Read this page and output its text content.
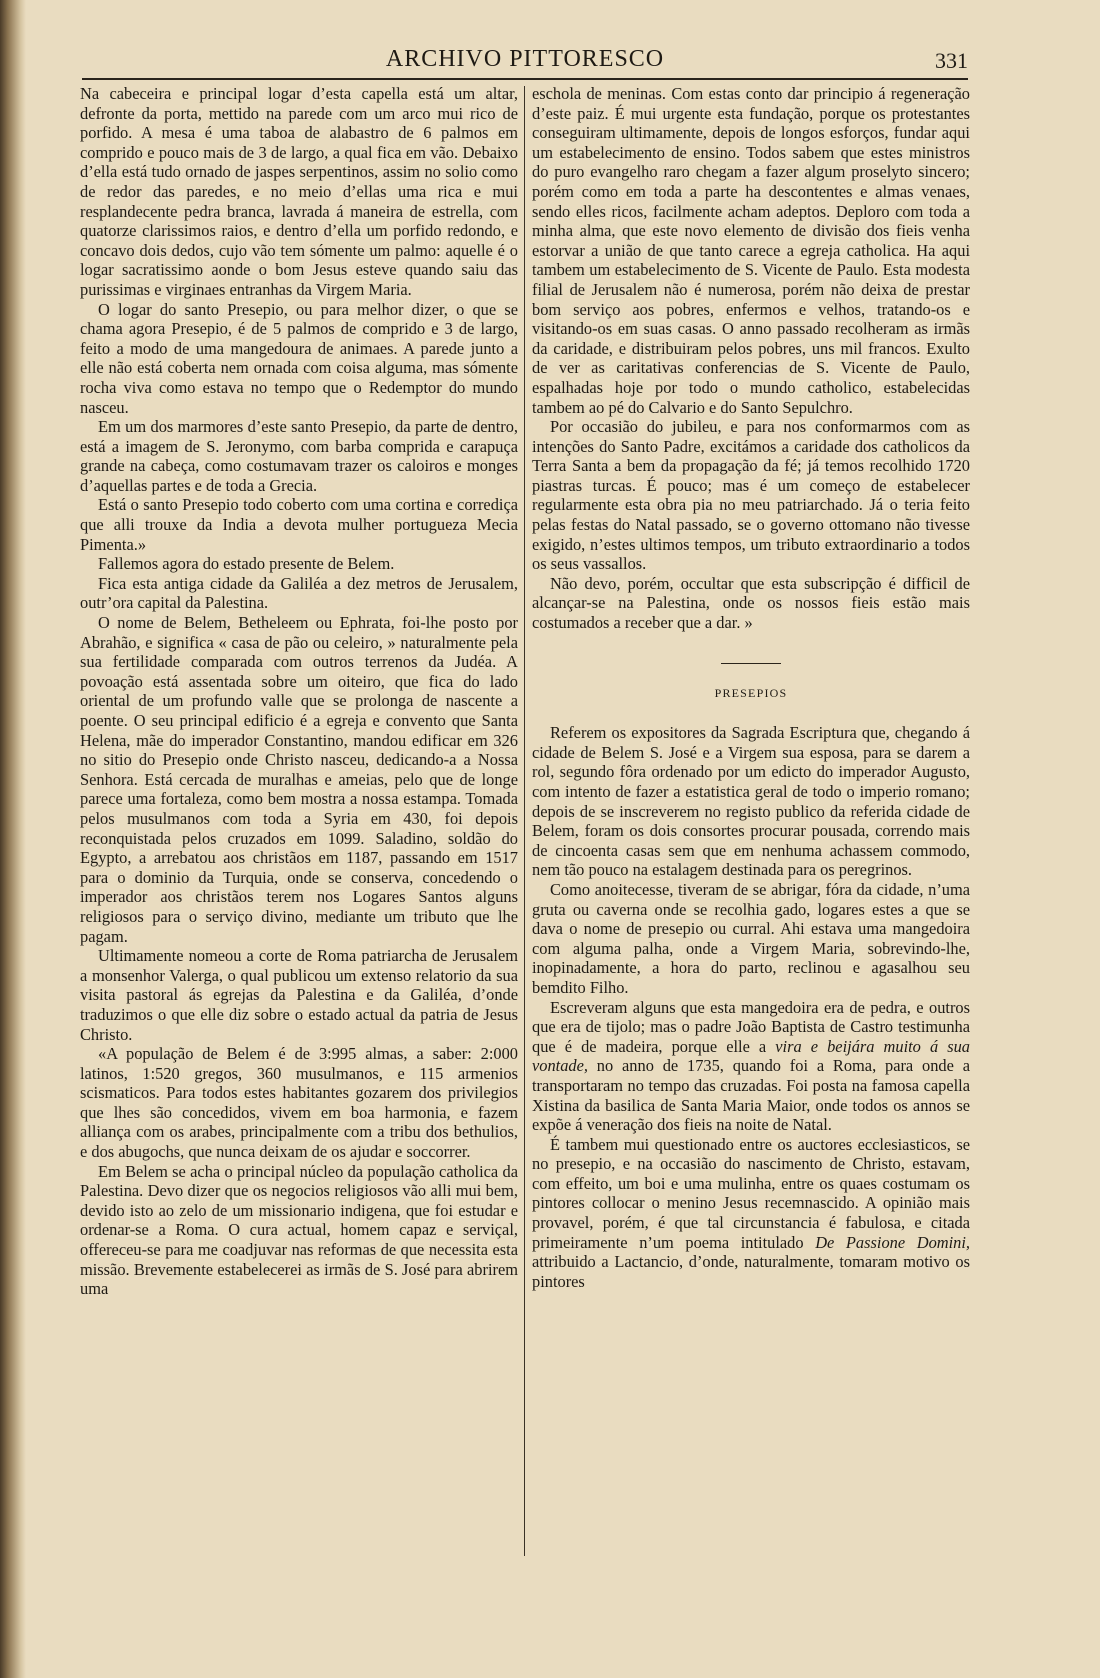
ARCHIVO PITTORESCO	331

Na cabeceira e principal logar d’esta capella está um altar, defronte da porta, mettido na parede com um arco mui rico de porfido. A mesa é uma taboa de alabastro de 6 palmos em comprido e pouco mais de 3 de largo, a qual fica em vão. Debaixo d’ella está tudo ornado de jaspes serpentinos, assim no solio como de redor das paredes, e no meio d’ellas uma rica e mui resplandecente pedra branca, lavrada á maneira de estrella, com quatorze clarissimos raios, e dentro d’ella um porfido redondo, e concavo dois dedos, cujo vão tem sómente um palmo: aquelle é o logar sacratissimo aonde o bom Jesus esteve quando saiu das purissimas e virginaes entranhas da Virgem Maria.

O logar do santo Presepio, ou para melhor dizer, o que se chama agora Presepio, é de 5 palmos de comprido e 3 de largo, feito a modo de uma mangedoura de animaes. A parede junto a elle não está coberta nem ornada com coisa alguma, mas sómente rocha viva como estava no tempo que o Redemptor do mundo nasceu.

Em um dos marmores d’este santo Presepio, da parte de dentro, está a imagem de S. Jeronymo, com barba comprida e carapuça grande na cabeça, como costumavam trazer os caloiros e monges d’aquellas partes e de toda a Grecia.

Está o santo Presepio todo coberto com uma cortina e corrediça que alli trouxe da India a devota mulher portugueza Mecia Pimenta.»

Fallemos agora do estado presente de Belem.

Fica esta antiga cidade da Galiléa a dez metros de Jerusalem, outr’ora capital da Palestina.

O nome de Belem, Betheleem ou Ephrata, foi-lhe posto por Abrahão, e significa « casa de pão ou celeiro, » naturalmente pela sua fertilidade comparada com outros terrenos da Judéa. A povoação está assentada sobre um oiteiro, que fica do lado oriental de um profundo valle que se prolonga de nascente a poente. O seu principal edificio é a egreja e convento que Santa Helena, mãe do imperador Constantino, mandou edificar em 326 no sitio do Presepio onde Christo nasceu, dedicando-a a Nossa Senhora. Está cercada de muralhas e ameias, pelo que de longe parece uma fortaleza, como bem mostra a nossa estampa. Tomada pelos musulmanos com toda a Syria em 430, foi depois reconquistada pelos cruzados em 1099. Saladino, soldão do Egypto, a arrebatou aos christãos em 1187, passando em 1517 para o dominio da Turquia, onde se conserva, concedendo o imperador aos christãos terem nos Logares Santos alguns religiosos para o serviço divino, mediante um tributo que lhe pagam.

Ultimamente nomeou a corte de Roma patriarcha de Jerusalem a monsenhor Valerga, o qual publicou um extenso relatorio da sua visita pastoral ás egrejas da Palestina e da Galiléa, d’onde traduzimos o que elle diz sobre o estado actual da patria de Jesus Christo.

«A população de Belem é de 3:995 almas, a saber: 2:000 latinos, 1:520 gregos, 360 musulmanos, e 115 armenios scismaticos. Para todos estes habitantes gozarem dos privilegios que lhes são concedidos, vivem em boa harmonia, e fazem alliança com os arabes, principalmente com a tribu dos bethulios, e dos abugochs, que nunca deixam de os ajudar e soccorrer.

Em Belem se acha o principal núcleo da população catholica da Palestina. Devo dizer que os negocios religiosos vão alli mui bem, devido isto ao zelo de um missionario indigena, que foi estudar e ordenar-se a Roma. O cura actual, homem capaz e serviçal, offereceu-se para me coadjuvar nas reformas de que necessita esta missão. Brevemente estabelecerei as irmãs de S. José para abrirem uma

eschola de meninas. Com estas conto dar principio á regeneração d’este paiz. É mui urgente esta fundação, porque os protestantes conseguiram ultimamente, depois de longos esforços, fundar aqui um estabelecimento de ensino. Todos sabem que estes ministros do puro evangelho raro chegam a fazer algum proselyto sincero; porém como em toda a parte ha descontentes e almas venaes, sendo elles ricos, facilmente acham adeptos. Deploro com toda a minha alma, que este novo elemento de divisão dos fieis venha estorvar a união de que tanto carece a egreja catholica. Ha aqui tambem um estabelecimento de S. Vicente de Paulo. Esta modesta filial de Jerusalem não é numerosa, porém não deixa de prestar bom serviço aos pobres, enfermos e velhos, tratando-os e visitando-os em suas casas. O anno passado recolheram as irmãs da caridade, e distribuiram pelos pobres, uns mil francos. Exulto de ver as caritativas conferencias de S. Vicente de Paulo, espalhadas hoje por todo o mundo catholico, estabelecidas tambem ao pé do Calvario e do Santo Sepulchro.

Por occasião do jubileu, e para nos conformarmos com as intenções do Santo Padre, excitámos a caridade dos catholicos da Terra Santa a bem da propagação da fé; já temos recolhido 1720 piastras turcas. É pouco; mas é um começo de estabelecer regularmente esta obra pia no meu patriarchado. Já o teria feito pelas festas do Natal passado, se o governo ottomano não tivesse exigido, n’estes ultimos tempos, um tributo extraordinario a todos os seus vassallos.

Não devo, porém, occultar que esta subscripção é difficil de alcançar-se na Palestina, onde os nossos fieis estão mais costumados a receber que a dar. »

PRESEPIOS

Referem os expositores da Sagrada Escriptura que, chegando á cidade de Belem S. José e a Virgem sua esposa, para se darem a rol, segundo fôra ordenado por um edicto do imperador Augusto, com intento de fazer a estatistica geral de todo o imperio romano; depois de se inscreverem no registo publico da referida cidade de Belem, foram os dois consortes procurar pousada, correndo mais de cincoenta casas sem que em nenhuma achassem commodo, nem tão pouco na estalagem destinada para os peregrinos.

Como anoitecesse, tiveram de se abrigar, fóra da cidade, n’uma gruta ou caverna onde se recolhia gado, logares estes a que se dava o nome de presepio ou curral. Ahi estava uma mangedoira com alguma palha, onde a Virgem Maria, sobrevindo-lhe, inopinadamente, a hora do parto, reclinou e agasalhou seu bemdito Filho.

Escreveram alguns que esta mangedoira era de pedra, e outros que era de tijolo; mas o padre João Baptista de Castro testimunha que é de madeira, porque elle a vira e beijára muito á sua vontade, no anno de 1735, quando foi a Roma, para onde a transportaram no tempo das cruzadas. Foi posta na famosa capella Xistina da basilica de Santa Maria Maior, onde todos os annos se expõe á veneração dos fieis na noite de Natal.

É tambem mui questionado entre os auctores ecclesiasticos, se no presepio, e na occasião do nascimento de Christo, estavam, com effeito, um boi e uma mulinha, entre os quaes costumam os pintores collocar o menino Jesus recemnascido. A opinião mais provavel, porém, é que tal circunstancia é fabulosa, e citada primeiramente n’um poema intitulado De Passione Domini, attribuido a Lactancio, d’onde, naturalmente, tomaram motivo os pintores
